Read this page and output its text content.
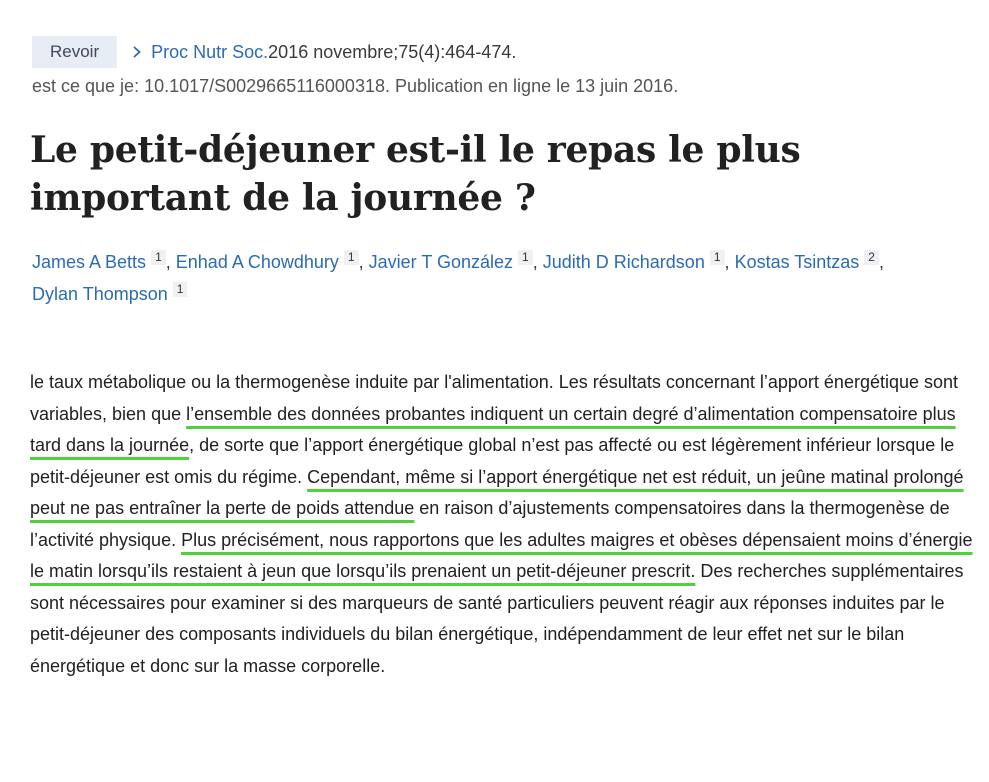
Revoir	Proc Nutr Soc. 2016 novembre;75(4):464-474.
est ce que je: 10.1017/S0029665116000318. Publication en ligne le 13 juin 2016.
Le petit-déjeuner est-il le repas le plus important de la journée ?
James A Betts 1 , Enhad A Chowdhury 1 , Javier T González 1 , Judith D Richardson 1 , Kostas Tsintzas 2 , Dylan Thompson 1

le taux métabolique ou la thermogenèse induite par l'alimentation. Les résultats concernant l’apport énergétique sont variables, bien que l’ensemble des données probantes indiquent un certain degré d’alimentation compensatoire plus tard dans la journée, de sorte que l’apport énergétique global n’est pas affecté ou est légèrement inférieur lorsque le petit-déjeuner est omis du régime. Cependant, même si l’apport énergétique net est réduit, un jeûne matinal prolongé peut ne pas entraîner la perte de poids attendue en raison d’ajustements compensatoires dans la thermogenèse de l’activité physique. Plus précisément, nous rapportons que les adultes maigres et obèses dépensaient moins d’énergie le matin lorsqu’ils restaient à jeun que lorsqu’ils prenaient un petit-déjeuner prescrit. Des recherches supplémentaires sont nécessaires pour examiner si des marqueurs de santé particuliers peuvent réagir aux réponses induites par le petit-déjeuner des composants individuels du bilan énergétique, indépendamment de leur effet net sur le bilan énergétique et donc sur la masse corporelle.
